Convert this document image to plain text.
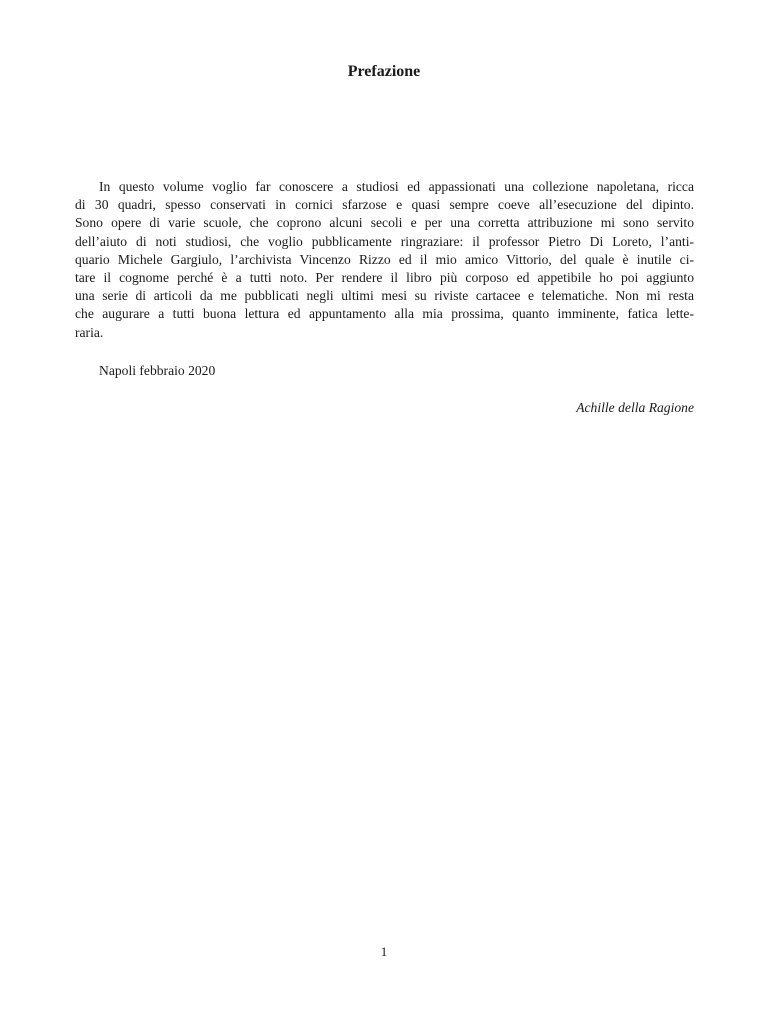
Prefazione
In questo volume voglio far conoscere a studiosi ed appassionati una collezione napoletana, ricca
di 30 quadri, spesso conservati in cornici sfarzose e quasi sempre coeve all’esecuzione del dipinto.
Sono opere di varie scuole, che coprono alcuni secoli e per una corretta attribuzione mi sono servito
dell’aiuto di noti studiosi, che voglio pubblicamente ringraziare: il professor Pietro Di Loreto, l’anti-
quario Michele Gargiulo, l’archivista Vincenzo Rizzo ed il mio amico Vittorio, del quale è inutile ci-
tare il cognome perché è a tutti noto. Per rendere il libro più corposo ed appetibile ho poi aggiunto
una serie di articoli da me pubblicati negli ultimi mesi su riviste cartacee e telematiche. Non mi resta
che augurare a tutti buona lettura ed appuntamento alla mia prossima, quanto imminente, fatica lette-
raria.

Napoli febbraio 2020

Achille della Ragione

1
